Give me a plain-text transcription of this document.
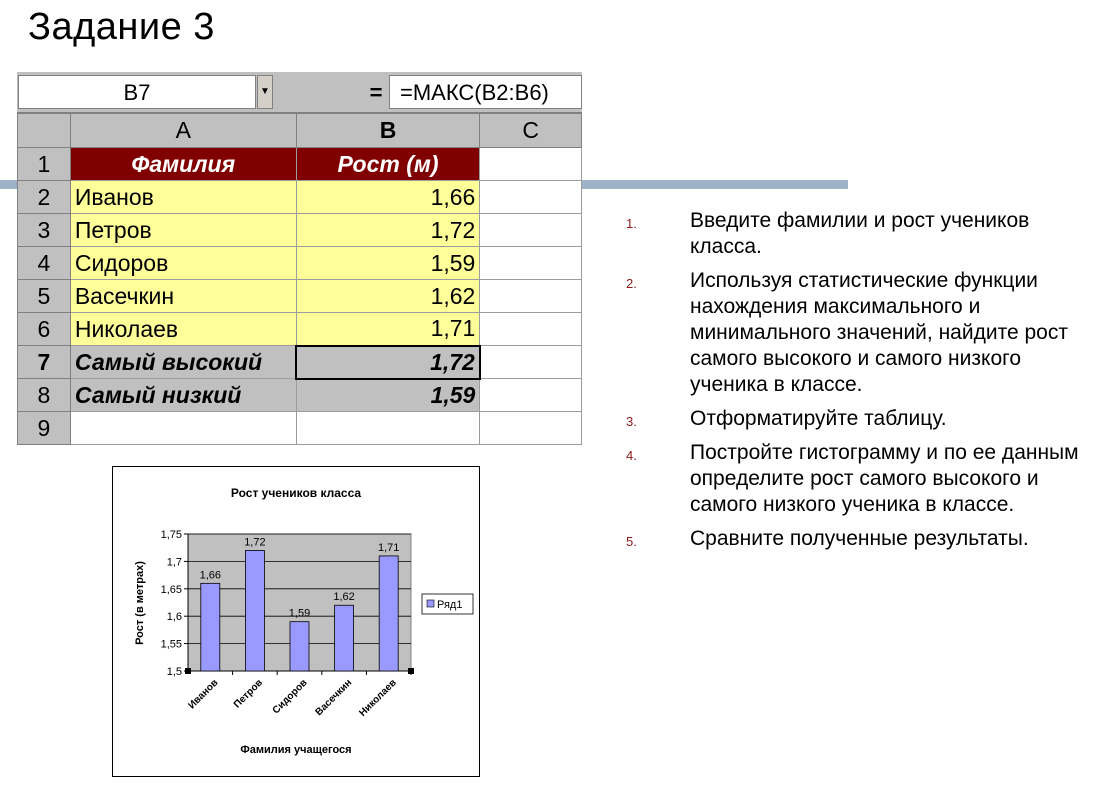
Задание 3
B7	▼	= =МАКС(B2:B6)
	A	B	C
1	Фамилия	Рост (м)	
2	Иванов	1,66	
3	Петров	1,72	
4	Сидоров	1,59	
5	Васечкин	1,62	
6	Николаев	1,71	
7	Самый высокий	1,72	
8	Самый низкий	1,59	
9			
Рост учеников класса
1,5
1,55
1,6
1,65
1,7
1,75
1,66
Иванов
1,72
Петров
1,59
Сидоров
1,62
Васечкин
1,71
Николаев
Фамилия учащегося
Рост (в метрах)	Ряд1
1.	Введите фамилии и рост учеников класса.
2.	Используя статистические функции нахождения максимального и минимального значений, найдите рост самого высокого и самого низкого ученика в классе.
3.	Отформатируйте таблицу.
4.	Постройте гистограмму и по ее данным определите рост самого высокого и самого низкого ученика в классе.
5.	Сравните полученные результаты.
